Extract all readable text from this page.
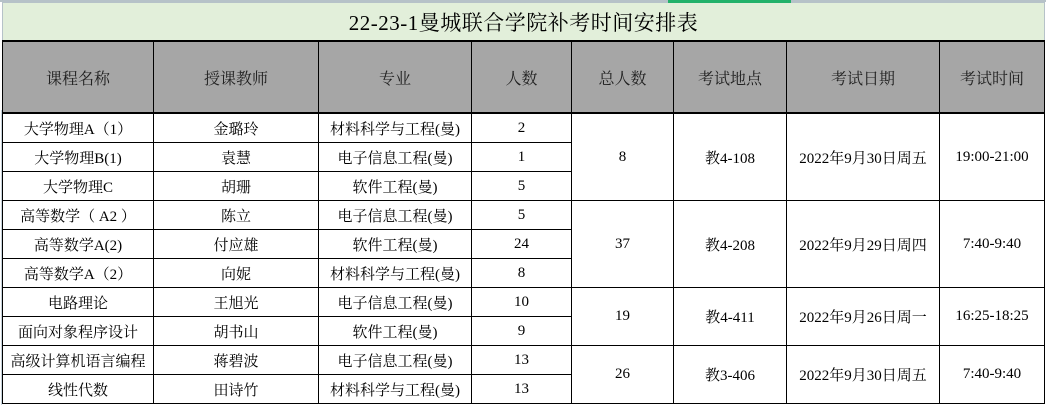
22-23-1曼城联合学院补考时间安排表							
课程名称	授课教师	专业	人数	总人数	考试地点	考试日期	考试时间
大学物理A（1）	金璐玲	材料科学与工程(曼)	2	8	教4-108	2022年9月30日周五	19:00-21:00
大学物理B(1)	袁慧	电子信息工程(曼)	1				
大学物理C	胡珊	软件工程(曼)	5				
高等数学（ A2 ）	陈立	电子信息工程(曼)	5	37	教4-208	2022年9月29日周四	7:40-9:40
高等数学A(2)	付应雄	软件工程(曼)	24				
高等数学A（2）	向妮	材料科学与工程(曼)	8				
电路理论	王旭光	电子信息工程(曼)	10	19	教4-411	2022年9月26日周一	16:25-18:25
面向对象程序设计	胡书山	软件工程(曼)	9				
高级计算机语言编程	蒋碧波	电子信息工程(曼)	13	26	教3-406	2022年9月30日周五	7:40-9:40
线性代数	田诗竹	材料科学与工程(曼)	13				
